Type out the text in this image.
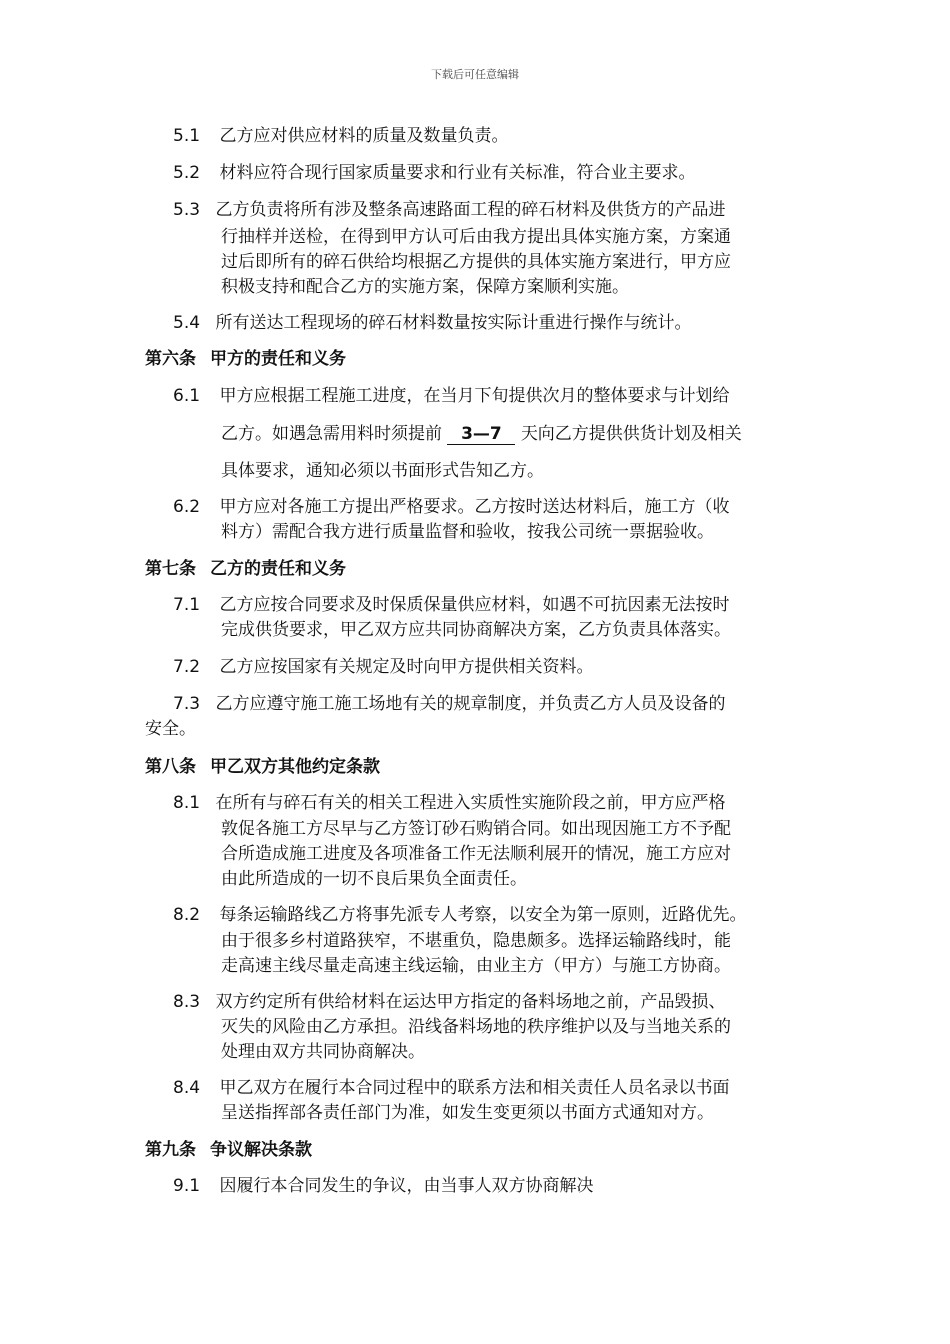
下载后可任意编辑
5.1 乙方应对供应材料的质量及数量负责。
5.2 材料应符合现行国家质量要求和行业有关标准，符合业主要求。
5.3 乙方负责将所有涉及整条高速路面工程的碎石材料及供货方的产品进
行抽样并送检，在得到甲方认可后由我方提出具体实施方案，方案通
过后即所有的碎石供给均根据乙方提供的具体实施方案进行，甲方应
积极支持和配合乙方的实施方案，保障方案顺利实施。
5.4 所有送达工程现场的碎石材料数量按实际计重进行操作与统计。
第六条 甲方的责任和义务
6.1 甲方应根据工程施工进度，在当月下旬提供次月的整体要求与计划给
乙方。如遇急需用料时须提前 3—7 天向乙方提供供货计划及相关
具体要求，通知必须以书面形式告知乙方。
6.2 甲方应对各施工方提出严格要求。乙方按时送达材料后，施工方（收
料方）需配合我方进行质量监督和验收，按我公司统一票据验收。
第七条 乙方的责任和义务
7.1 乙方应按合同要求及时保质保量供应材料，如遇不可抗因素无法按时
完成供货要求，甲乙双方应共同协商解决方案，乙方负责具体落实。
7.2 乙方应按国家有关规定及时向甲方提供相关资料。
7.3 乙方应遵守施工施工场地有关的规章制度，并负责乙方人员及设备的
安全。
第八条 甲乙双方其他约定条款
8.1 在所有与碎石有关的相关工程进入实质性实施阶段之前，甲方应严格
敦促各施工方尽早与乙方签订砂石购销合同。如出现因施工方不予配
合所造成施工进度及各项准备工作无法顺利展开的情况，施工方应对
由此所造成的一切不良后果负全面责任。
8.2 每条运输路线乙方将事先派专人考察，以安全为第一原则，近路优先。
由于很多乡村道路狭窄，不堪重负，隐患颇多。选择运输路线时，能
走高速主线尽量走高速主线运输，由业主方（甲方）与施工方协商。
8.3 双方约定所有供给材料在运达甲方指定的备料场地之前，产品毁损、
灭失的风险由乙方承担。沿线备料场地的秩序维护以及与当地关系的
处理由双方共同协商解决。
8.4 甲乙双方在履行本合同过程中的联系方法和相关责任人员名录以书面
呈送指挥部各责任部门为准，如发生变更须以书面方式通知对方。
第九条 争议解决条款
9.1 因履行本合同发生的争议，由当事人双方协商解决
